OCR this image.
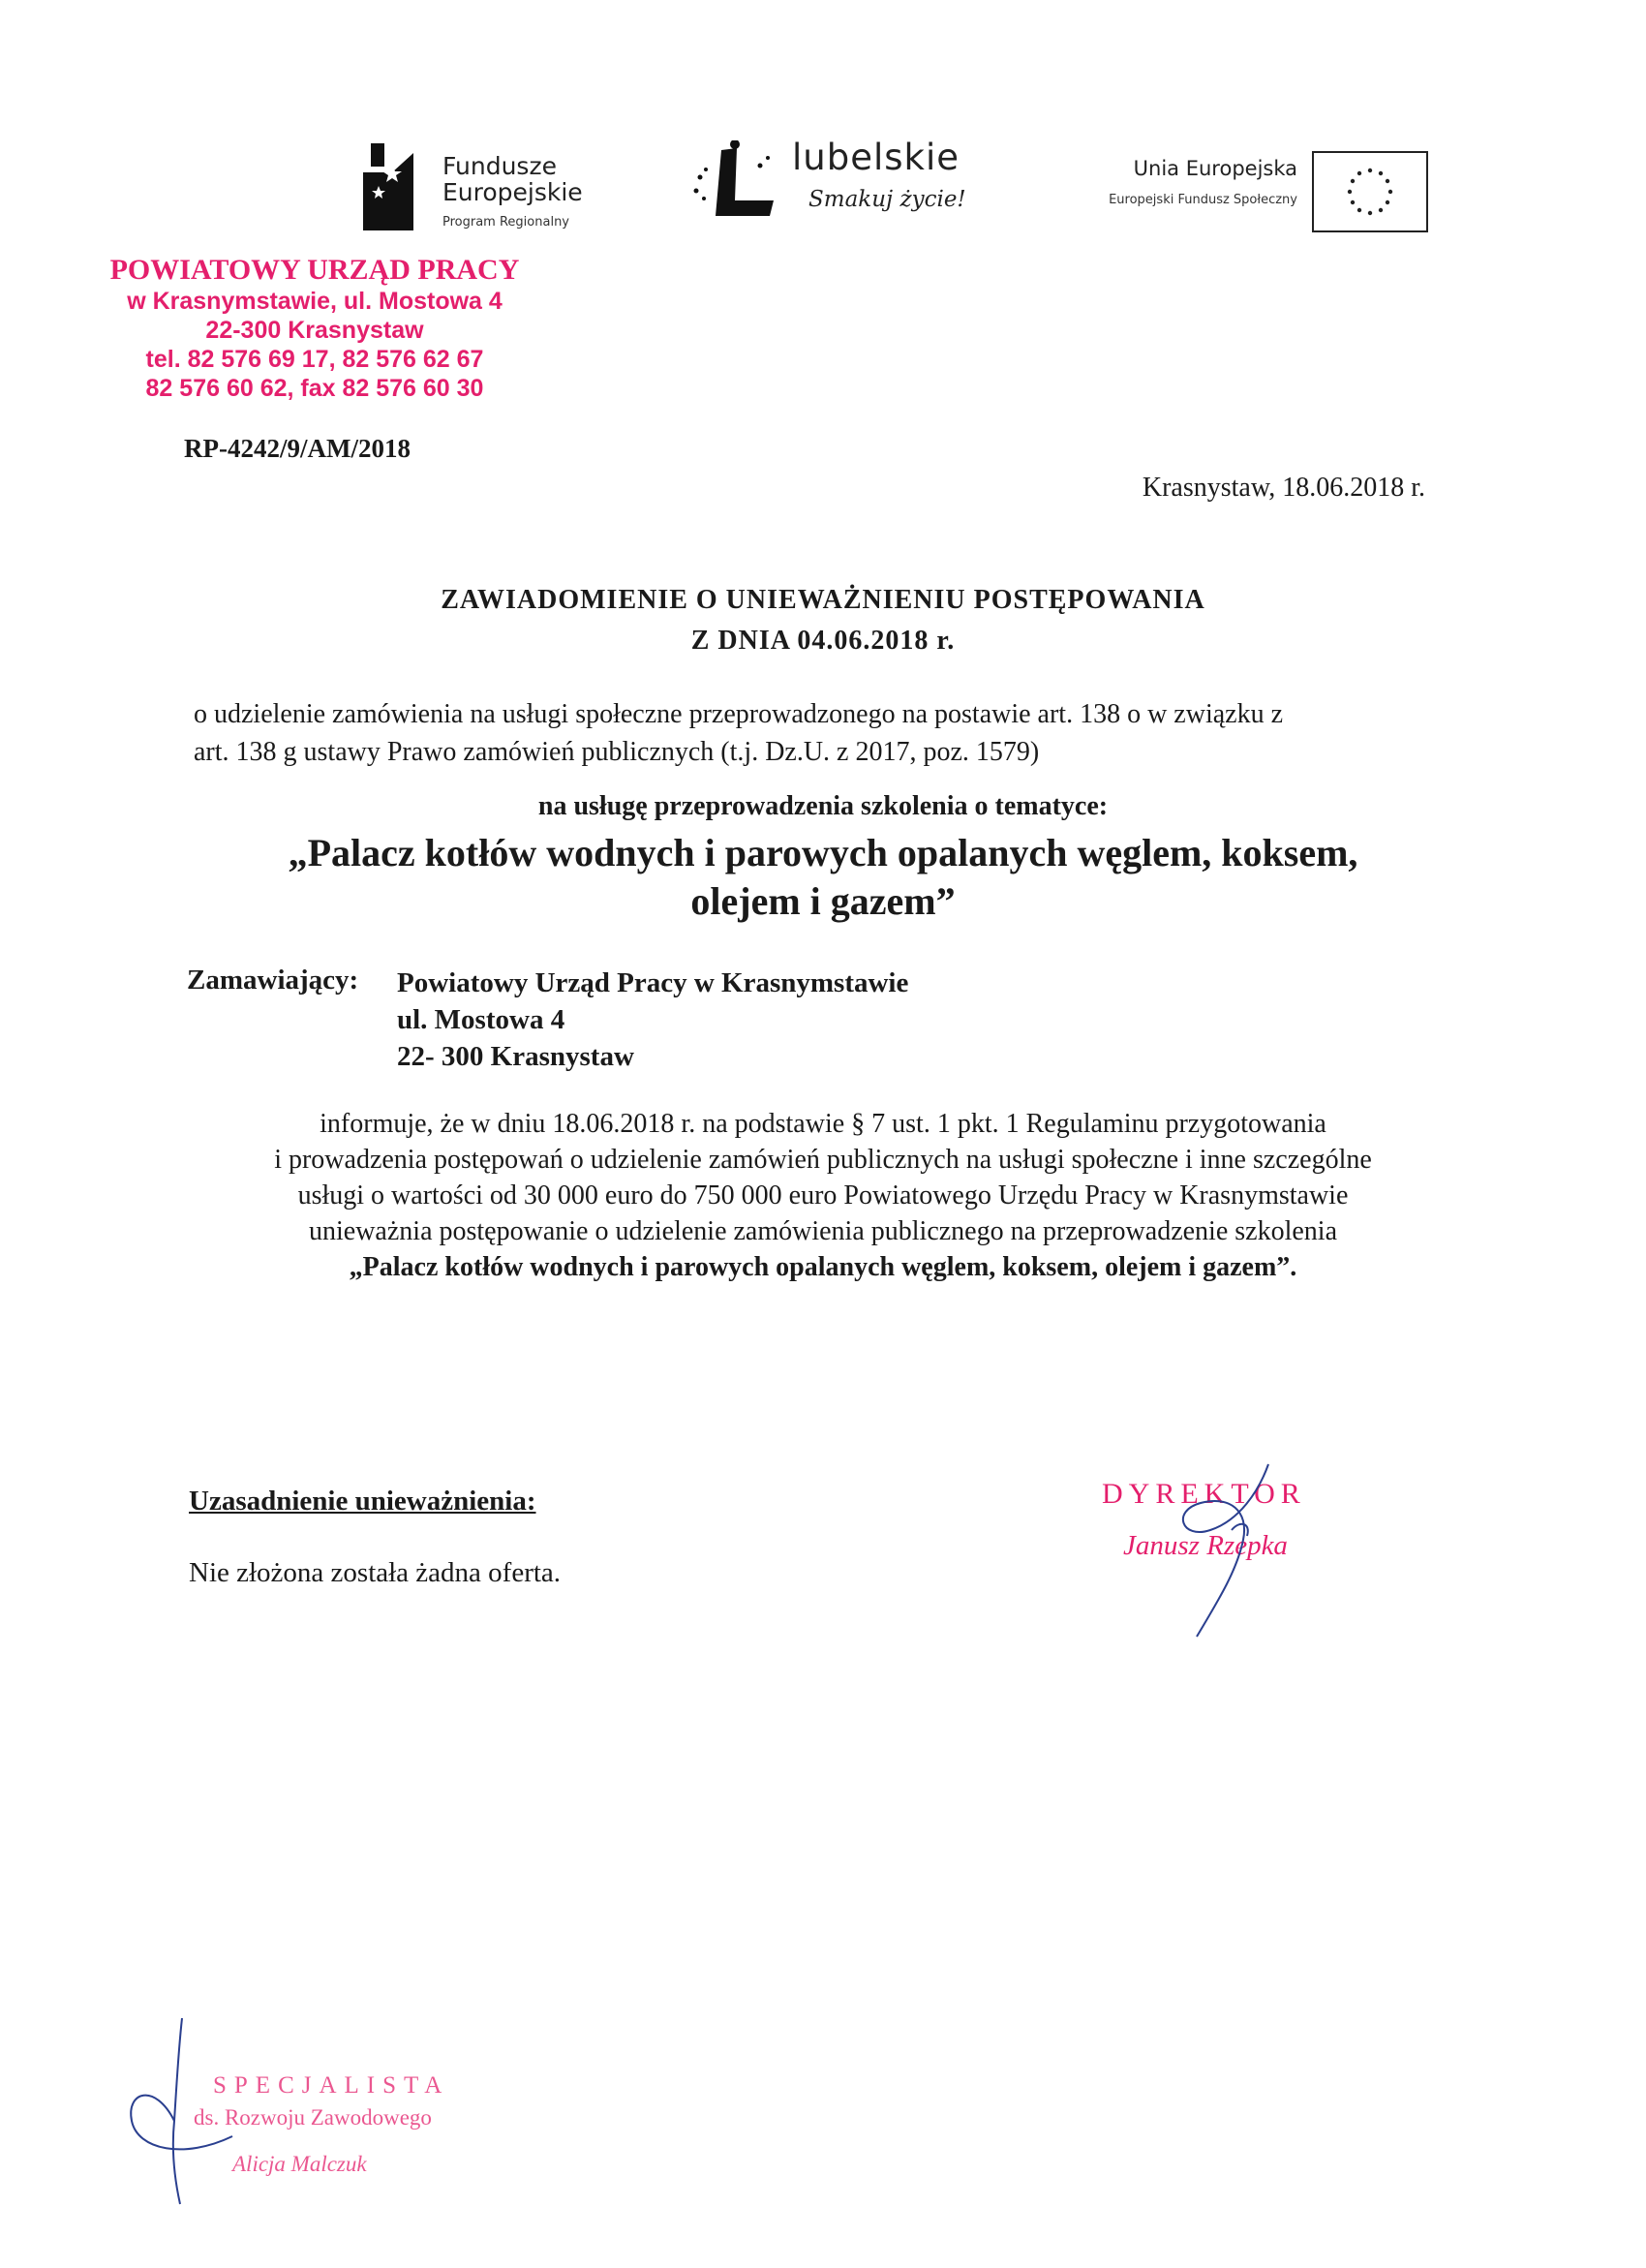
Fundusze
Europejskie
Program Regionalny
lubelskie
Smakuj życie!
Unia Europejska
Europejski Fundusz Społeczny
POWIATOWY URZĄD PRACY
w Krasnymstawie, ul. Mostowa 4
22-300 Krasnystaw
tel. 82 576 69 17, 82 576 62 67
82 576 60 62, fax 82 576 60 30
RP-4242/9/AM/2018
Krasnystaw, 18.06.2018 r.
ZAWIADOMIENIE O UNIEWAŻNIENIU POSTĘPOWANIA
Z DNIA 04.06.2018 r.
o udzielenie zamówienia na usługi społeczne przeprowadzonego na postawie art. 138 o w związku z
art. 138 g ustawy Prawo zamówień publicznych (t.j. Dz.U. z 2017, poz. 1579)
na usługę przeprowadzenia szkolenia o tematyce:
„Palacz kotłów wodnych i parowych opalanych węglem, koksem,
olejem i gazem”
Zamawiający: Powiatowy Urząd Pracy w Krasnymstawie
ul. Mostowa 4
22- 300 Krasnystaw
informuje, że w dniu 18.06.2018 r. na podstawie § 7 ust. 1 pkt. 1 Regulaminu przygotowania
i prowadzenia postępowań o udzielenie zamówień publicznych na usługi społeczne i inne szczególne
usługi o wartości od 30 000 euro do 750 000 euro Powiatowego Urzędu Pracy w Krasnymstawie
unieważnia postępowanie o udzielenie zamówienia publicznego na przeprowadzenie szkolenia
„Palacz kotłów wodnych i parowych opalanych węglem, koksem, olejem i gazem”.
Uzasadnienie unieważnienia:
Nie złożona została żadna oferta.
DYREKTOR
Janusz Rzepka
SPECJALISTA
ds. Rozwoju Zawodowego
Alicja Malczuk
